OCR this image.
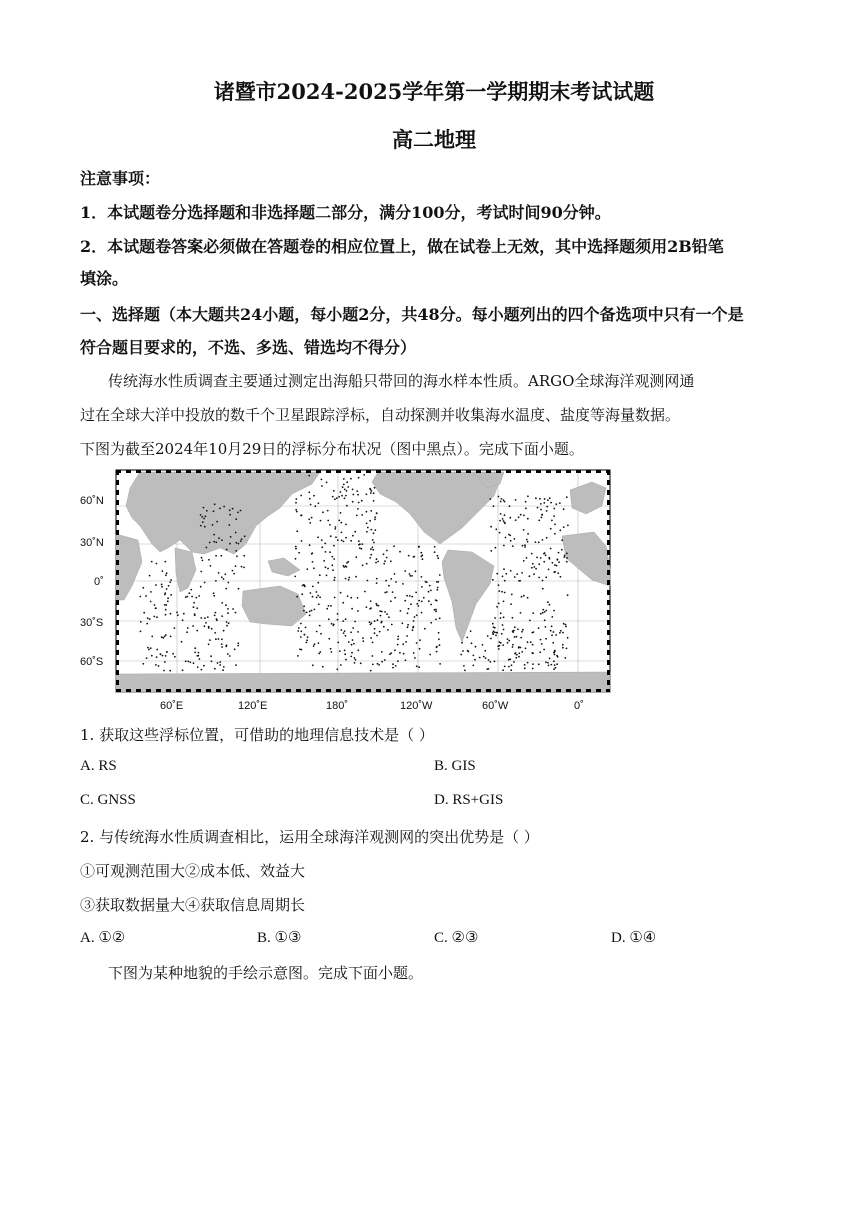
诸暨市2024-2025学年第一学期期末考试试题
高二地理
注意事项：
1．本试题卷分选择题和非选择题二部分，满分100分，考试时间90分钟。
2．本试题卷答案必须做在答题卷的相应位置上，做在试卷上无效，其中选择题须用2B铅笔
填涂。
一、选择题（本大题共24小题，每小题2分，共48分。每小题列出的四个备选项中只有一个是
符合题目要求的，不选、多选、错选均不得分）
传统海水性质调查主要通过测定出海船只带回的海水样本性质。ARGO全球海洋观测网通
过在全球大洋中投放的数千个卫星跟踪浮标，自动探测并收集海水温度、盐度等海量数据。
下图为截至2024年10月29日的浮标分布状况（图中黑点）。完成下面小题。
60˚N
30˚N
0˚
30˚S
60˚S
60˚E	120˚E	180˚	120˚W	60˚W	0˚
1. 获取这些浮标位置，可借助的地理信息技术是（ ）
A. RS	B. GIS
C. GNSS	D. RS+GIS
2. 与传统海水性质调查相比，运用全球海洋观测网的突出优势是（ ）
①可观测范围大②成本低、效益大
③获取数据量大④获取信息周期长
A. ①②	B. ①③	C. ②③	D. ①④
下图为某种地貌的手绘示意图。完成下面小题。
